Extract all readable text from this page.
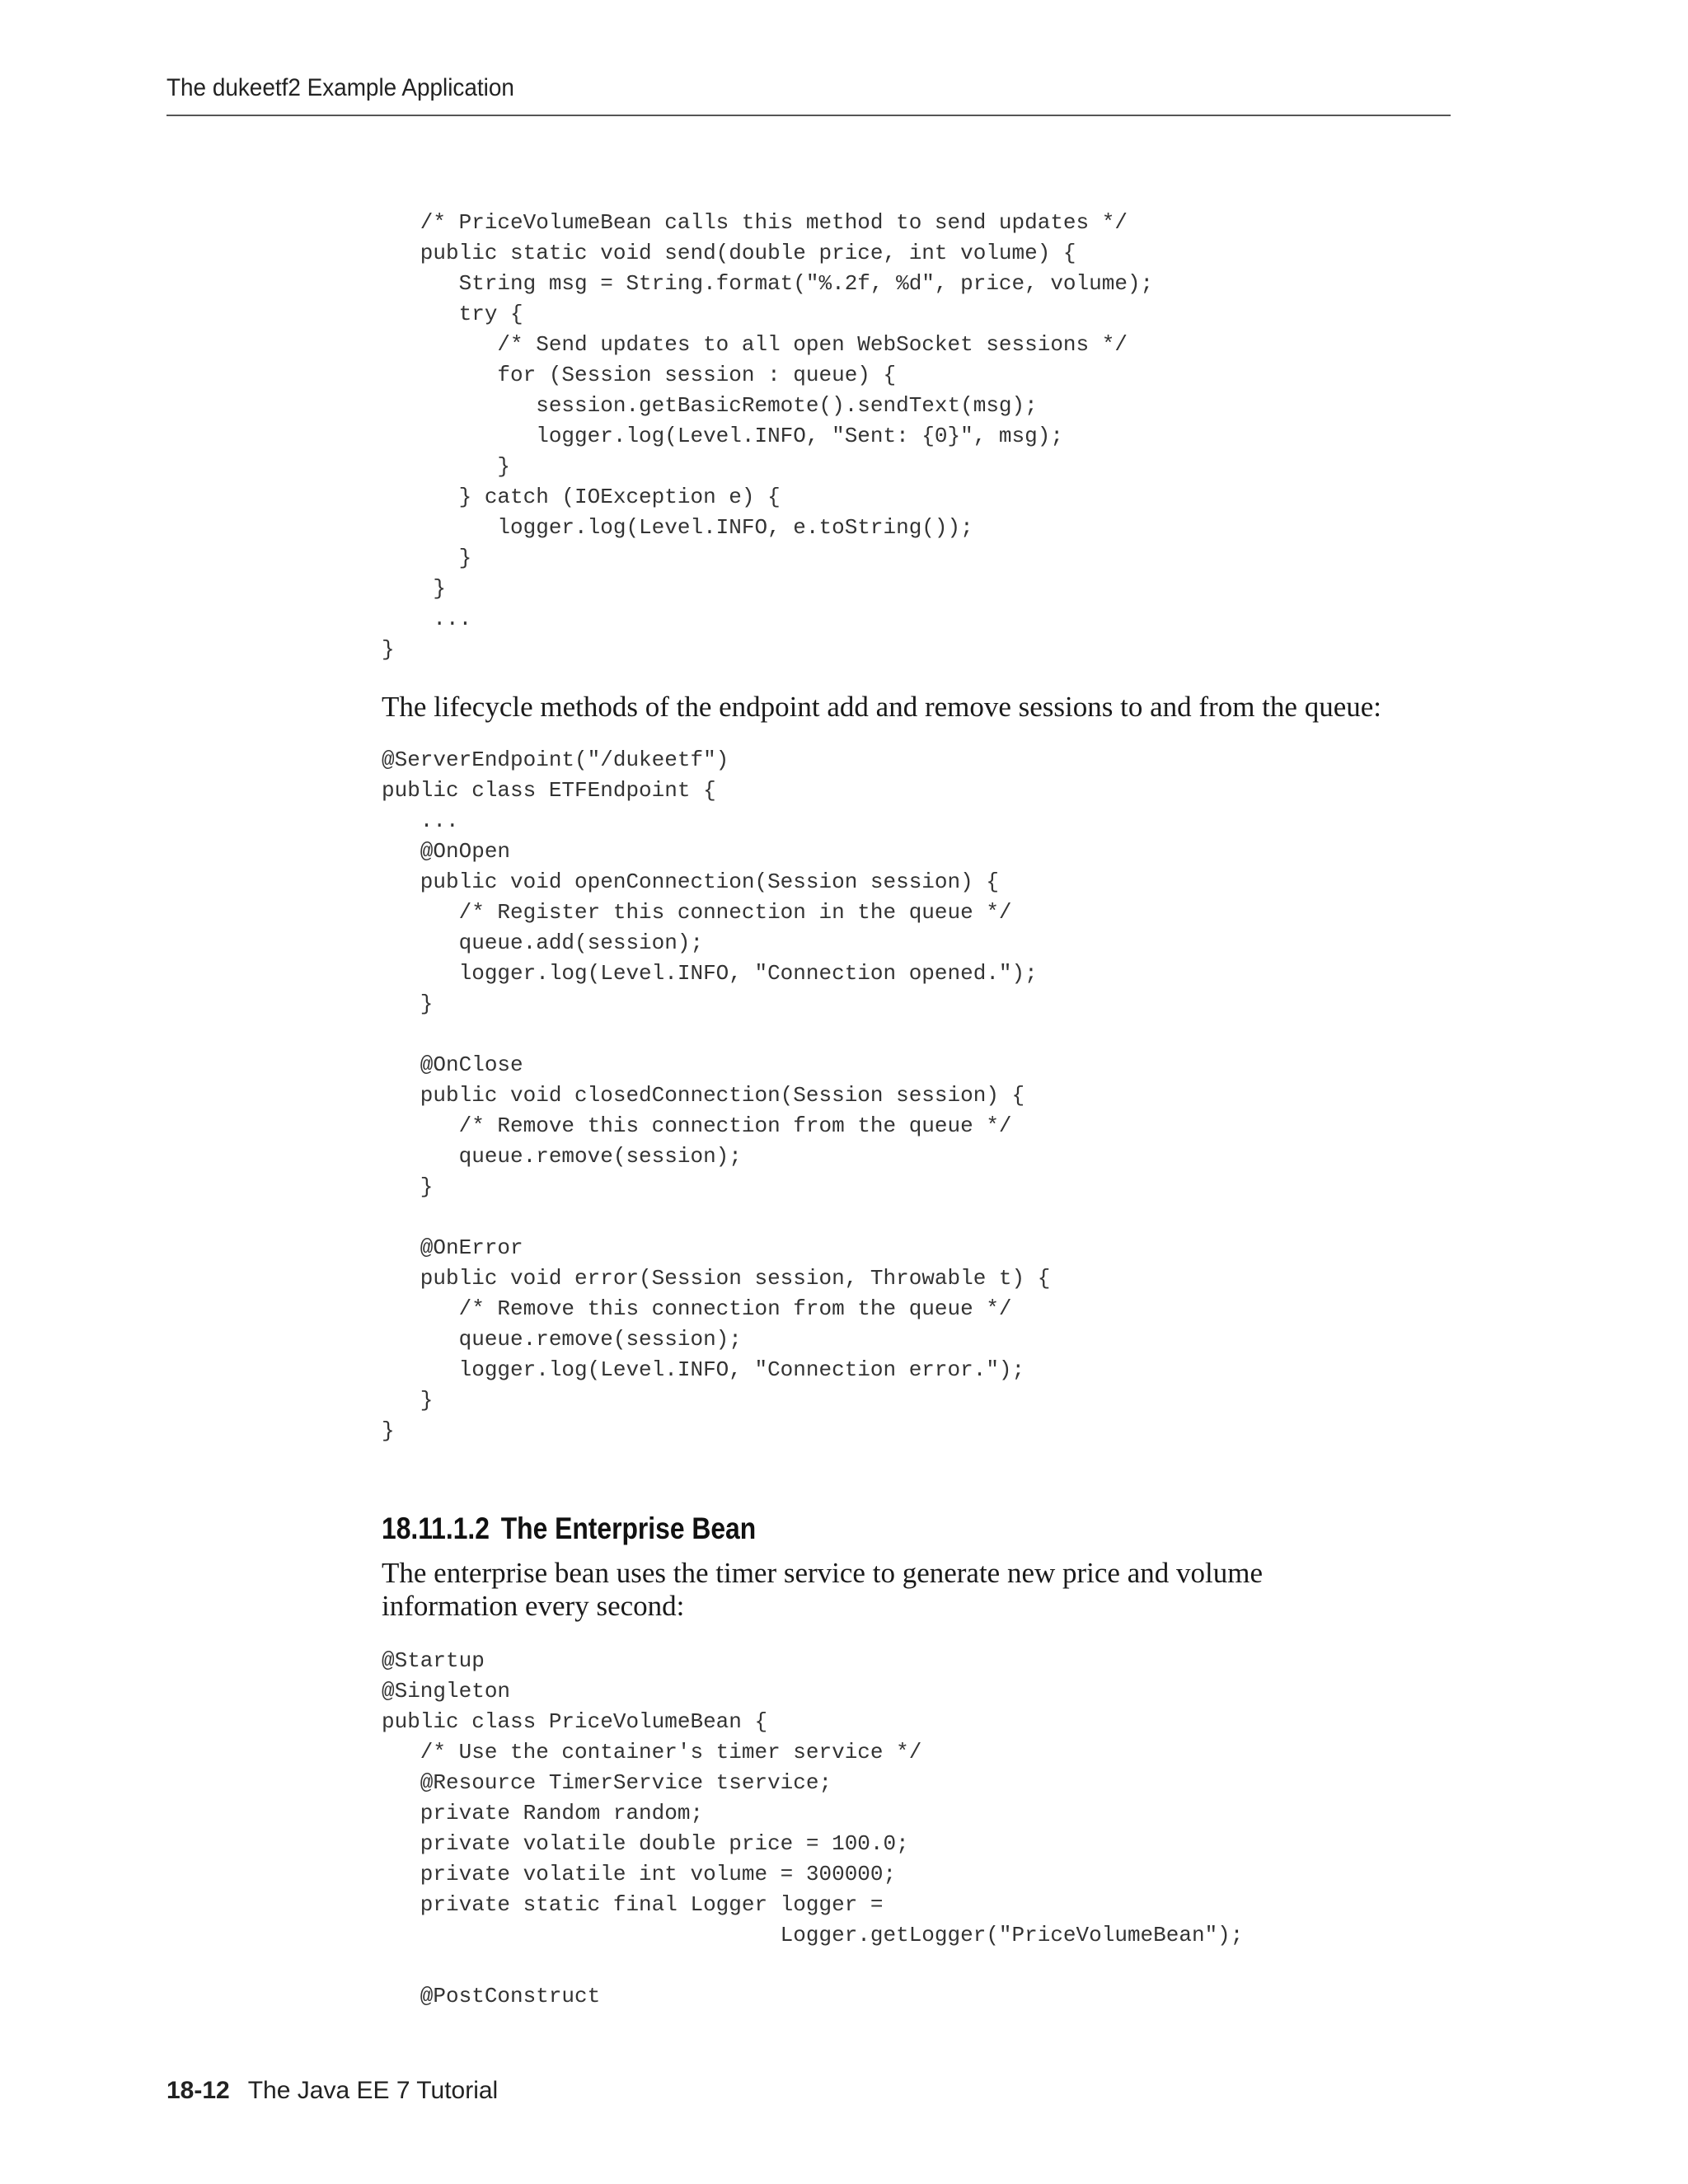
The dukeetf2 Example Application
/* PriceVolumeBean calls this method to send updates */
public static void send(double price, int volume) {
String msg = String.format("%.2f, %d", price, volume);
try {
/* Send updates to all open WebSocket sessions */
for (Session session : queue) {
session.getBasicRemote().sendText(msg);
logger.log(Level.INFO, "Sent: {0}", msg);
}
} catch (IOException e) {
logger.log(Level.INFO, e.toString());
}
}
...
}

The lifecycle methods of the endpoint add and remove sessions to and from the queue:

@ServerEndpoint("/dukeetf")
public class ETFEndpoint {
...
@OnOpen
public void openConnection(Session session) {
/* Register this connection in the queue */
queue.add(session);
logger.log(Level.INFO, "Connection opened.");
}

@OnClose
public void closedConnection(Session session) {
/* Remove this connection from the queue */
queue.remove(session);
}

@OnError
public void error(Session session, Throwable t) {
/* Remove this connection from the queue */
queue.remove(session);
logger.log(Level.INFO, "Connection error.");
}
}
18.11.1.2 The Enterprise Bean

The enterprise bean uses the timer service to generate new price and volume information every second:

@Startup
@Singleton
public class PriceVolumeBean {
/* Use the container's timer service */
@Resource TimerService tservice;
private Random random;
private volatile double price = 100.0;
private volatile int volume = 300000;
private static final Logger logger =
Logger.getLogger("PriceVolumeBean");

@PostConstruct
18-12 The Java EE 7 Tutorial
